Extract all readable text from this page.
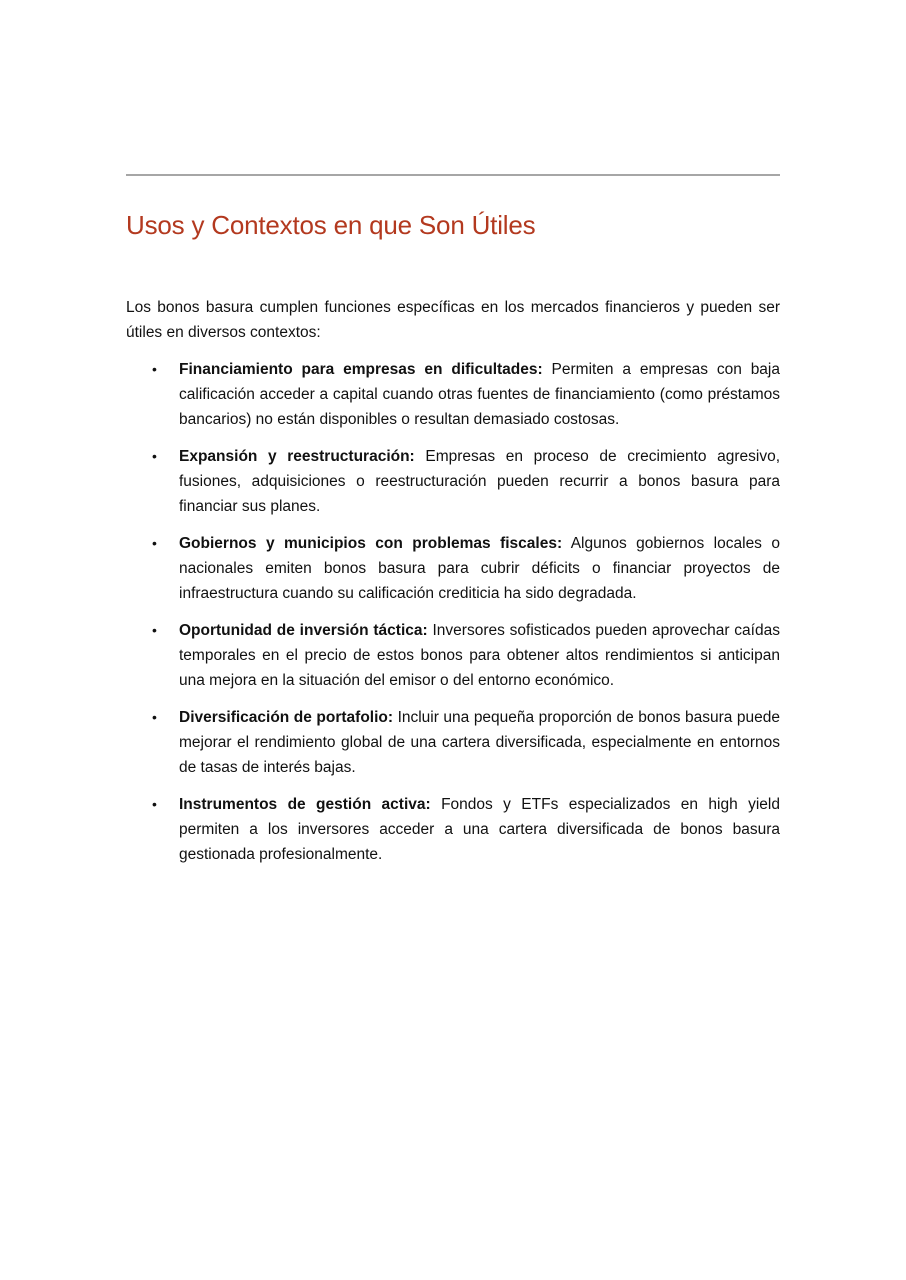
Usos y Contextos en que Son Útiles

Los bonos basura cumplen funciones específicas en los mercados financieros y pueden ser útiles en diversos contextos:

• Financiamiento para empresas en dificultades: Permiten a empresas con baja calificación acceder a capital cuando otras fuentes de financiamiento (como préstamos bancarios) no están disponibles o resultan demasiado costosas.
• Expansión y reestructuración: Empresas en proceso de crecimiento agresivo, fusiones, adquisiciones o reestructuración pueden recurrir a bonos basura para financiar sus planes.
• Gobiernos y municipios con problemas fiscales: Algunos gobiernos locales o nacionales emiten bonos basura para cubrir déficits o financiar proyectos de infraestructura cuando su calificación crediticia ha sido degradada.
• Oportunidad de inversión táctica: Inversores sofisticados pueden aprovechar caídas temporales en el precio de estos bonos para obtener altos rendimientos si anticipan una mejora en la situación del emisor o del entorno económico.
• Diversificación de portafolio: Incluir una pequeña proporción de bonos basura puede mejorar el rendimiento global de una cartera diversificada, especialmente en entornos de tasas de interés bajas.
• Instrumentos de gestión activa: Fondos y ETFs especializados en high yield permiten a los inversores acceder a una cartera diversificada de bonos basura gestionada profesionalmente.
